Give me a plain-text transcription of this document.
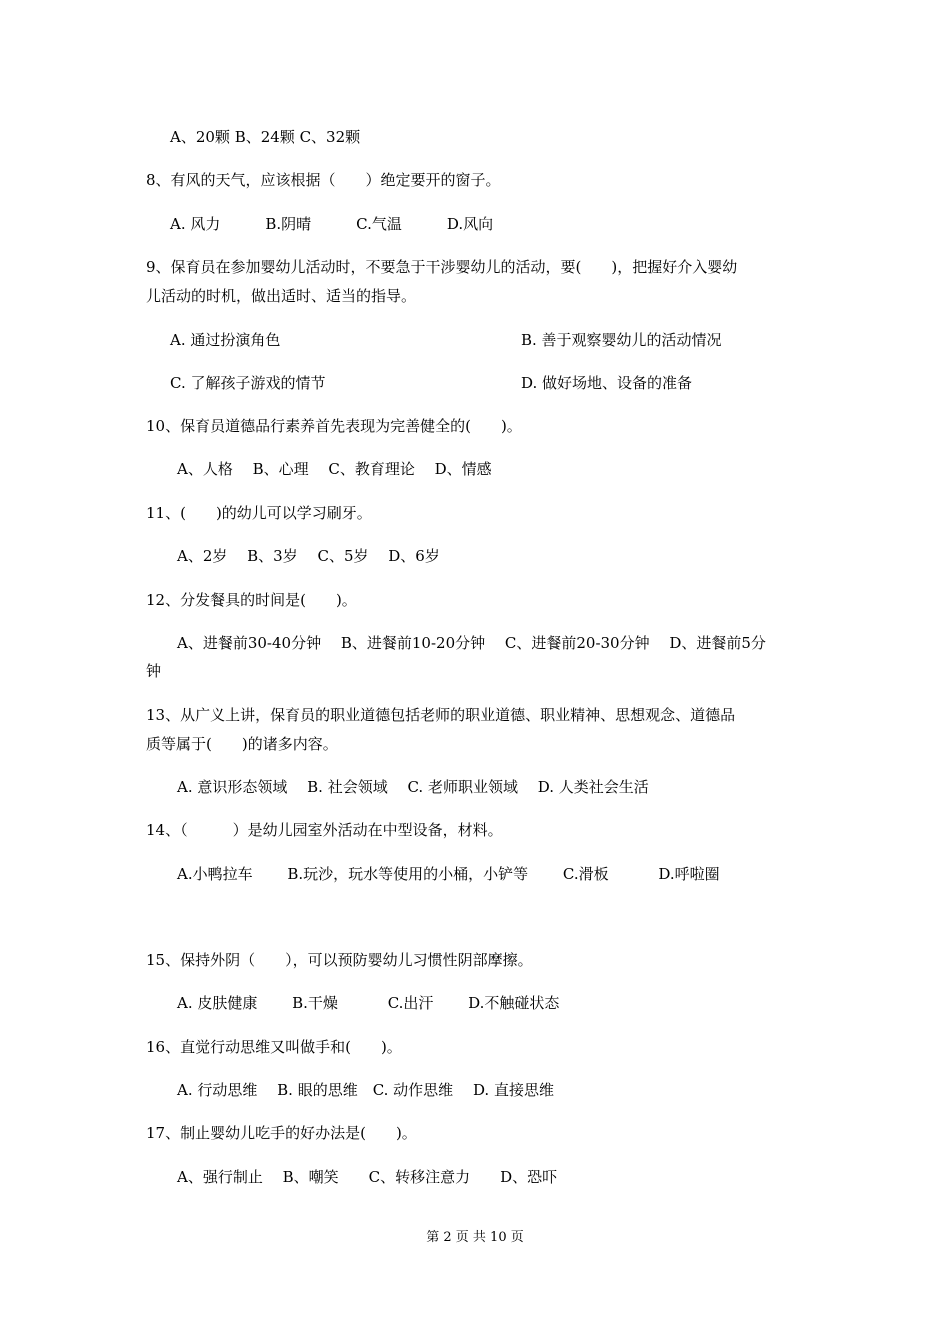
A、20颗 B、24颗 C、32颗
8、有风的天气，应该根据（　　）绝定要开的窗子。
A. 风力　　　B.阴晴　　　C.气温　　　D.风向
9、保育员在参加婴幼儿活动时，不要急于干涉婴幼儿的活动，要(　　)，把握好介入婴幼
儿活动的时机，做出适时、适当的指导。
A. 通过扮演角色	B. 善于观察婴幼儿的活动情况
C. 了解孩子游戏的情节	D. 做好场地、设备的准备
10、保育员道德品行素养首先表现为完善健全的(　　)。
A、人格　 B、心理　 C、教育理论　 D、情感
11、(　　)的幼儿可以学习刷牙。
A、2岁　 B、3岁　 C、5岁　 D、6岁
12、分发餐具的时间是(　　)。
A、进餐前30-40分钟　 B、进餐前10-20分钟　 C、进餐前20-30分钟　 D、进餐前5分
钟
13、从广义上讲，保育员的职业道德包括老师的职业道德、职业精神、思想观念、道德品
质等属于(　　)的诸多内容。
A. 意识形态领域　 B. 社会领域　 C. 老师职业领域　 D. 人类社会生活
14、（　　　）是幼儿园室外活动在中型设备，材料。
A.小鸭拉车　　 B.玩沙，玩水等使用的小桶，小铲等　　 C.滑板　　　 D.呼啦圈
15、保持外阴（　　），可以预防婴幼儿习惯性阴部摩擦。
A. 皮肤健康　　 B.干燥　　　 C.出汗　　 D.不触碰状态
16、直觉行动思维又叫做手和(　　)。
A. 行动思维　 B. 眼的思维　C. 动作思维　 D. 直接思维
17、制止婴幼儿吃手的好办法是(　　)。
A、强行制止　 B、嘲笑　　C、转移注意力　　D、恐吓
第 2 页 共 10 页
